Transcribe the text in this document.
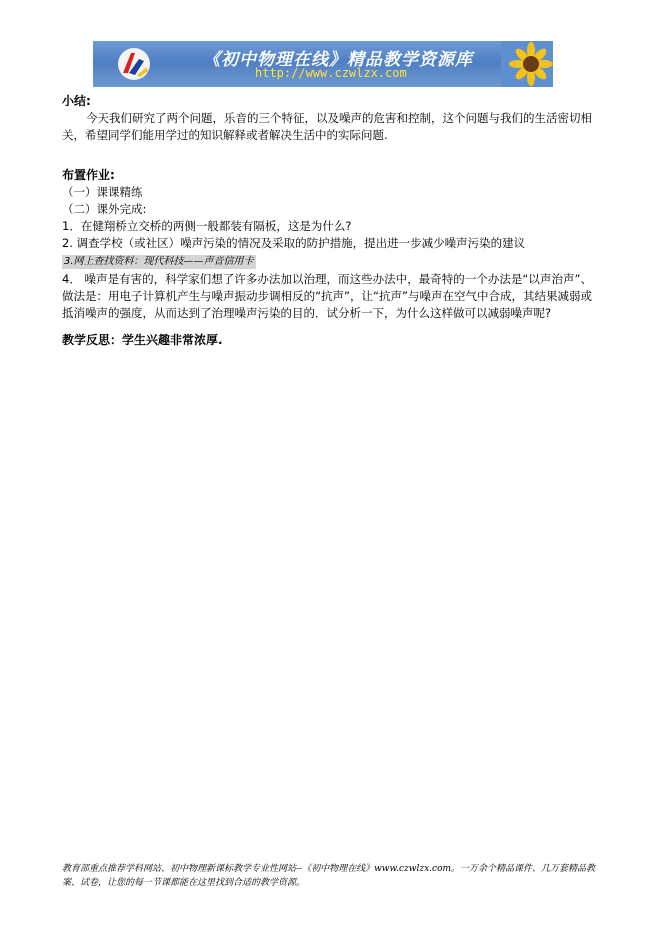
《初中物理在线》精品教学资源库
http://www.czwlzx.com
小结:

今天我们研究了两个问题，乐音的三个特征，以及噪声的危害和控制，这个问题与我们的生活密切相关，希望同学们能用学过的知识解释或者解决生活中的实际问题.

布置作业:

（一）课课精练

（二）课外完成:

1．在健翔桥立交桥的两侧一般都装有隔板，这是为什么?

2. 调查学校（或社区）噪声污染的情况及采取的防护措施，提出进一步减少噪声污染的建议

3.网上查找资料：现代科技——声音信用卡

4． 噪声是有害的，科学家们想了许多办法加以治理，而这些办法中，最奇特的一个办法是“以声治声”、做法是：用电子计算机产生与噪声振动步调相反的“抗声”，让“抗声”与噪声在空气中合成，其结果减弱或抵消噪声的强度，从而达到了治理噪声污染的目的．试分析一下，为什么这样做可以减弱噪声呢?

教学反思：学生兴趣非常浓厚.
教育部重点推荐学科网站、初中物理新课标教学专业性网站--《初中物理在线》www.czwlzx.com。一万余个精品课件、几万套精品教案、试卷，让您的每一节课都能在这里找到合适的教学资源。
